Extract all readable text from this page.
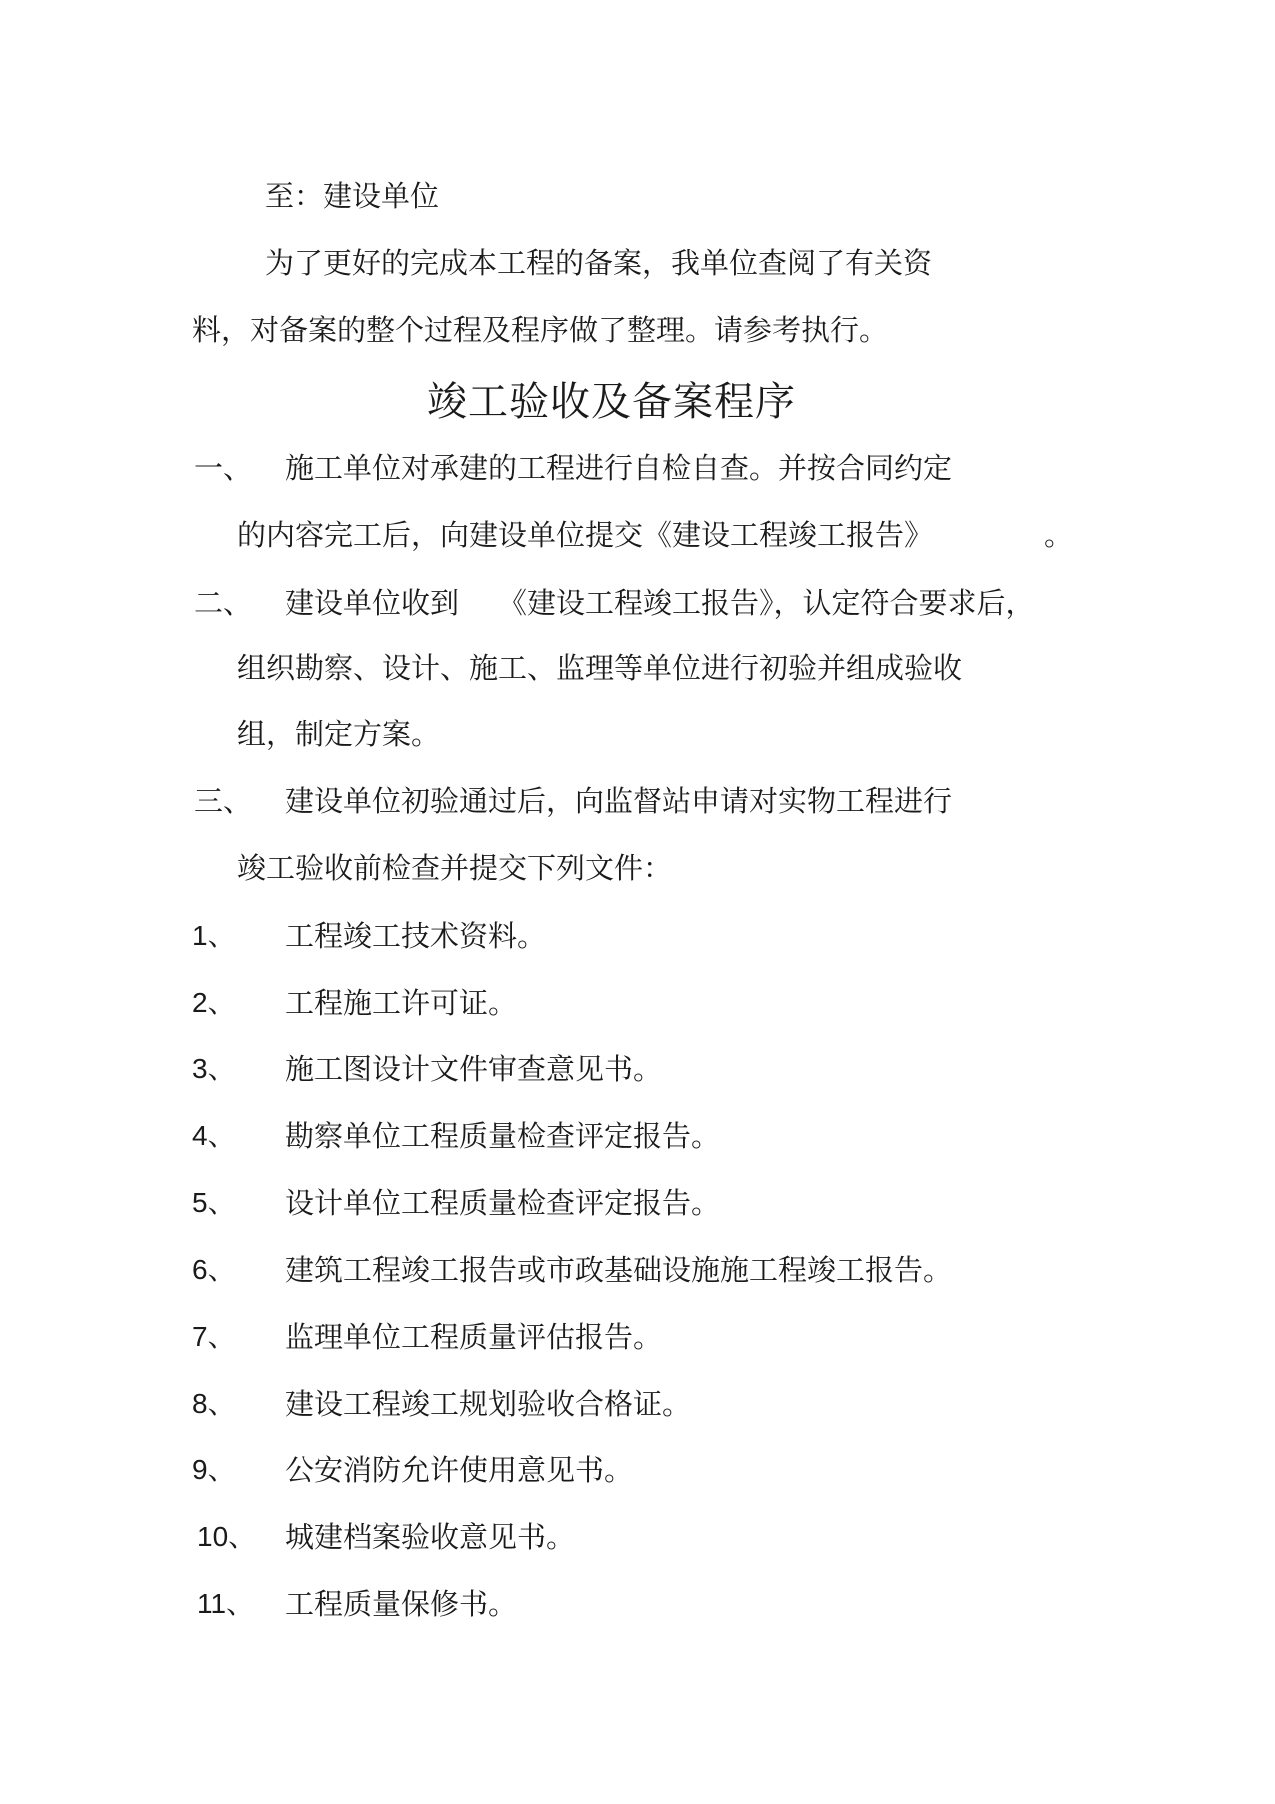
至：建设单位
为了更好的完成本工程的备案，我单位查阅了有关资
料，对备案的整个过程及程序做了整理。请参考执行。
竣工验收及备案程序
一、 施工单位对承建的工程进行自检自查。并按合同约定
的内容完工后，向建设单位提交《建设工程竣工报告》	。
二、 建设单位收到 《建设工程竣工报告》，认定符合要求后，
组织勘察、设计、施工、监理等单位进行初验并组成验收
组，制定方案。
三、 建设单位初验通过后，向监督站申请对实物工程进行
竣工验收前检查并提交下列文件：
1、 工程竣工技术资料。
2、 工程施工许可证。
3、 施工图设计文件审查意见书。
4、 勘察单位工程质量检查评定报告。
5、 设计单位工程质量检查评定报告。
6、 建筑工程竣工报告或市政基础设施施工程竣工报告。
7、 监理单位工程质量评估报告。
8、 建设工程竣工规划验收合格证。
9、 公安消防允许使用意见书。
10、 城建档案验收意见书。
11、 工程质量保修书。
